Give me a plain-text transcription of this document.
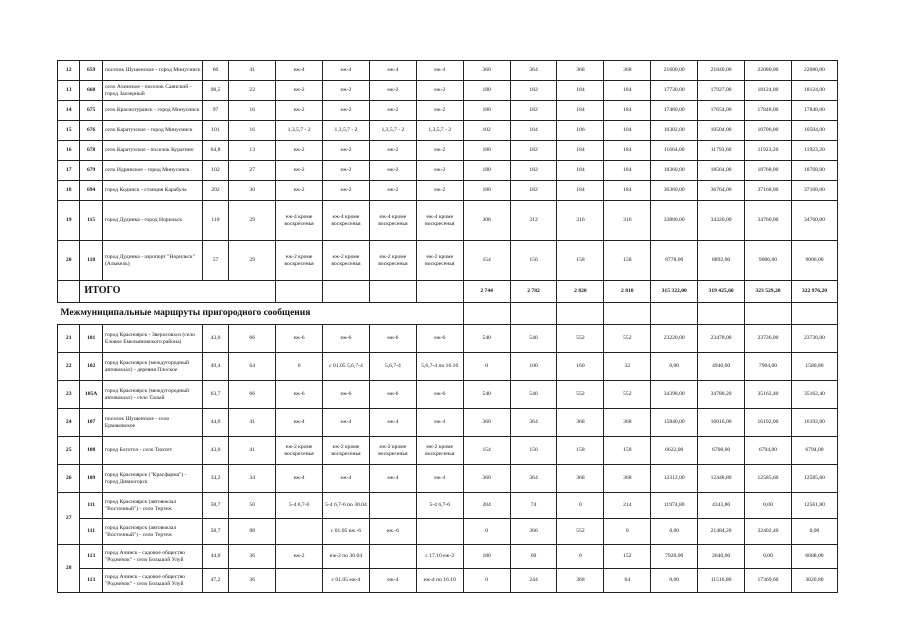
12	659	поселок Шушенское - город Минусинск	60	41	еж-4	еж-4	еж-4	еж-4	360	364	368	368	21600,00	21840,00	22080,00	22080,00
13	668	село Ачинское - поселок Саянский - город Заозерный	98,5	22	еж-2	еж-2	еж-2	еж-2	180	182	184	184	17730,00	17927,00	18124,00	18124,00
14	675	село Краснотуранск - город Минусинск	97	16	еж-2	еж-2	еж-2	еж-2	180	182	184	184	17460,00	17654,00	17848,00	17848,00
15	676	село Каратузское - город Минусинск	101	16	1,3,5,7 - 2	1,3,5,7 - 2	1,3,5,7 - 2	1,3,5,7 - 2	102	104	106	104	10302,00	10504,00	10706,00	10504,00
16	678	село Каратузское - поселок Курагино	64,8	13	еж-2	еж-2	еж-2	еж-2	180	182	184	184	11664,00	11793,60	11923,20	11923,20
17	679	село Идринское - город Минусинск	102	27	еж-2	еж-2	еж-2	еж-2	180	182	184	184	18360,00	18564,00	18768,00	18768,00
18	694	город Кодинск - станция Карабула	202	30	еж-2	еж-2	еж-2	еж-2	180	182	184	184	36360,00	36764,00	37168,00	37168,00
19	115	город Дудинка - город Норильск	110	29	еж-4 кроме воскресенья	еж-4 кроме воскресенья	еж-4 кроме воскресенья	еж-4 кроме воскресенья	308	312	316	316	33880,00	34320,00	34760,00	34760,00
20	110	город Дудинка - аэропорт "Норильск" (Алыкель)	57	29	еж-2 кроме воскресенья	еж-2 кроме воскресенья	еж-2 кроме воскресенья	еж-2 кроме воскресенья	154	156	158	158	8778,00	8892,00	9006,00	9006,00
	ИТОГО								2 744	2 782	2 820	2 810	315 322,00	319 425,60	323 529,20	322 976,20
Межмуниципальные маршруты пригородного сообщения																
21	101	город Красноярск - Зверосовхоз (село Еловое Емельяновского района)	43,0	66	еж-6	еж-6	еж-6	еж-6	540	546	552	552	23220,00	23478,00	23736,00	23736,00
22	102	город Красноярск (междугородный автовокзал) - деревня Плоское	49,4	64	0	с 01.05 5,6,7-4	5,6,7-4	5,6,7-4 по 16.10	0	100	160	32	0,00	4940,00	7904,00	1580,80
23	105А	город Красноярск (междугородный автовокзал) - село Талый	63,7	66	еж-6	еж-6	еж-6	еж-6	540	546	552	552	34398,00	34780,20	35162,40	35162,40
24	107	поселок Шушенское - село Ермаковское	44,0	41	еж-4	еж-4	еж-4	еж-4	360	364	368	368	15840,00	16016,00	16192,00	16192,00
25	108	город Боготол - село Тюхтет	43,0	41	еж-2 кроме воскресенья	еж-2 кроме воскресенья	еж-2 кроме воскресенья	еж-2 кроме воскресенья	154	156	158	158	6622,00	6708,00	6794,00	6794,00
26	109	город Красноярск ("Красфарма") - город Дивногорск	34,2	34	еж-4	еж-4	еж-4	еж-4	360	364	368	368	12312,00	12448,80	12585,60	12585,60
27	111	город Красноярск (автовокзал "Восточный") - село Тертеж	58,7	50	5-4 6,7-6	5-4 6,7-6 по 30.04		5-4 6,7-6	204	74	0	214	11974,80	4343,80	0,00	12561,80
	111	город Красноярск (автовокзал "Восточный") - село Тертеж	58,7	88		с 01.05 еж.-6	еж.-6		0	366	552	0	0,00	21484,20	32402,40	0,00
28	113	город Ачинск - садовое общество "Родничок" - село Большой Улуй	44,0	36	еж-2	еж-2 по 30.04		с 17.10 еж-2	180	60	0	152	7920,00	2640,00	0,00	6688,00
	113	город Ачинск - садовое общество "Родничок" - село Большой Улуй	47,2	36		с 01.05 еж-4	еж-4	еж-4 по 16.10	0	244	368	64	0,00	11516,80	17369,60	3020,80
